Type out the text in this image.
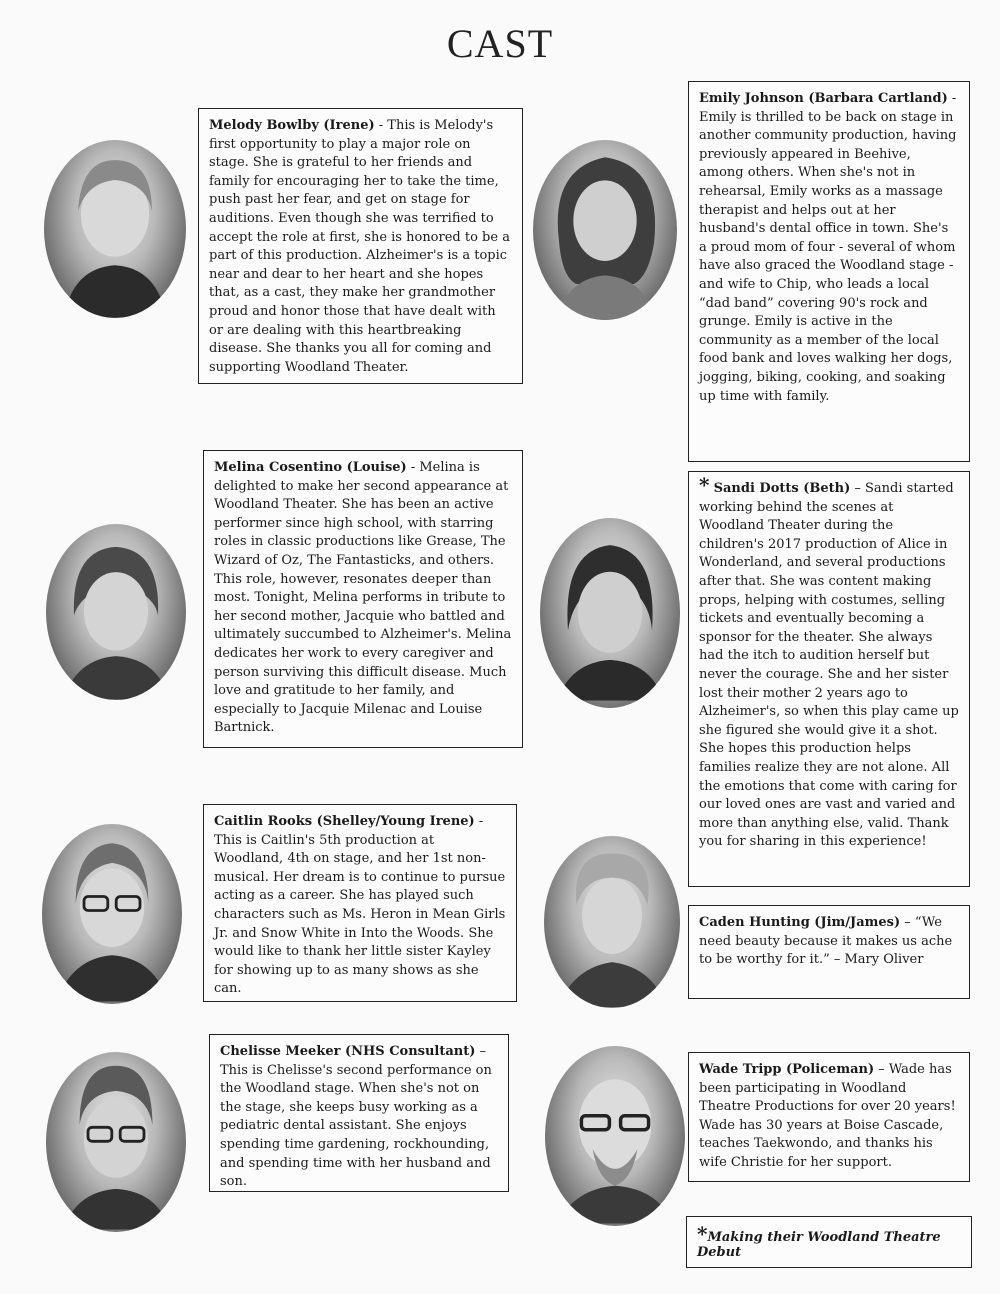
CAST
Melody Bowlby (Irene) - This is Melody's first opportunity to play a major role on stage. She is grateful to her friends and family for encouraging her to take the time, push past her fear, and get on stage for auditions. Even though she was terrified to accept the role at first, she is honored to be a part of this production. Alzheimer's is a topic near and dear to her heart and she hopes that, as a cast, they make her grandmother proud and honor those that have dealt with or are dealing with this heartbreaking disease. She thanks you all for coming and supporting Woodland Theater.
Emily Johnson (Barbara Cartland) - Emily is thrilled to be back on stage in another community production, having previously appeared in Beehive, among others. When she's not in rehearsal, Emily works as a massage therapist and helps out at her husband's dental office in town. She's a proud mom of four - several of whom have also graced the Woodland stage - and wife to Chip, who leads a local “dad band” covering 90's rock and grunge. Emily is active in the community as a member of the local food bank and loves walking her dogs, jogging, biking, cooking, and soaking up time with family.
Melina Cosentino (Louise) - Melina is delighted to make her second appearance at Woodland Theater. She has been an active performer since high school, with starring roles in classic productions like Grease, The Wizard of Oz, The Fantasticks, and others. This role, however, resonates deeper than most. Tonight, Melina performs in tribute to her second mother, Jacquie who battled and ultimately succumbed to Alzheimer's. Melina dedicates her work to every caregiver and person surviving this difficult disease. Much love and gratitude to her family, and especially to Jacquie Milenac and Louise Bartnick.
* Sandi Dotts (Beth) – Sandi started working behind the scenes at Woodland Theater during the children's 2017 production of Alice in Wonderland, and several productions after that. She was content making props, helping with costumes, selling tickets and eventually becoming a sponsor for the theater. She always had the itch to audition herself but never the courage. She and her sister lost their mother 2 years ago to Alzheimer's, so when this play came up she figured she would give it a shot. She hopes this production helps families realize they are not alone. All the emotions that come with caring for our loved ones are vast and varied and more than anything else, valid. Thank you for sharing in this experience!
Caitlin Rooks (Shelley/Young Irene) - This is Caitlin's 5th production at Woodland, 4th on stage, and her 1st non-musical. Her dream is to continue to pursue acting as a career. She has played such characters such as Ms. Heron in Mean Girls Jr. and Snow White in Into the Woods. She would like to thank her little sister Kayley for showing up to as many shows as she can.
Caden Hunting (Jim/James) – “We need beauty because it makes us ache to be worthy for it.” – Mary Oliver
Chelisse Meeker (NHS Consultant) – This is Chelisse's second performance on the Woodland stage. When she's not on the stage, she keeps busy working as a pediatric dental assistant. She enjoys spending time gardening, rockhounding, and spending time with her husband and son.
Wade Tripp (Policeman) – Wade has been participating in Woodland Theatre Productions for over 20 years! Wade has 30 years at Boise Cascade, teaches Taekwondo, and thanks his wife Christie for her support.
*Making their Woodland Theatre Debut
